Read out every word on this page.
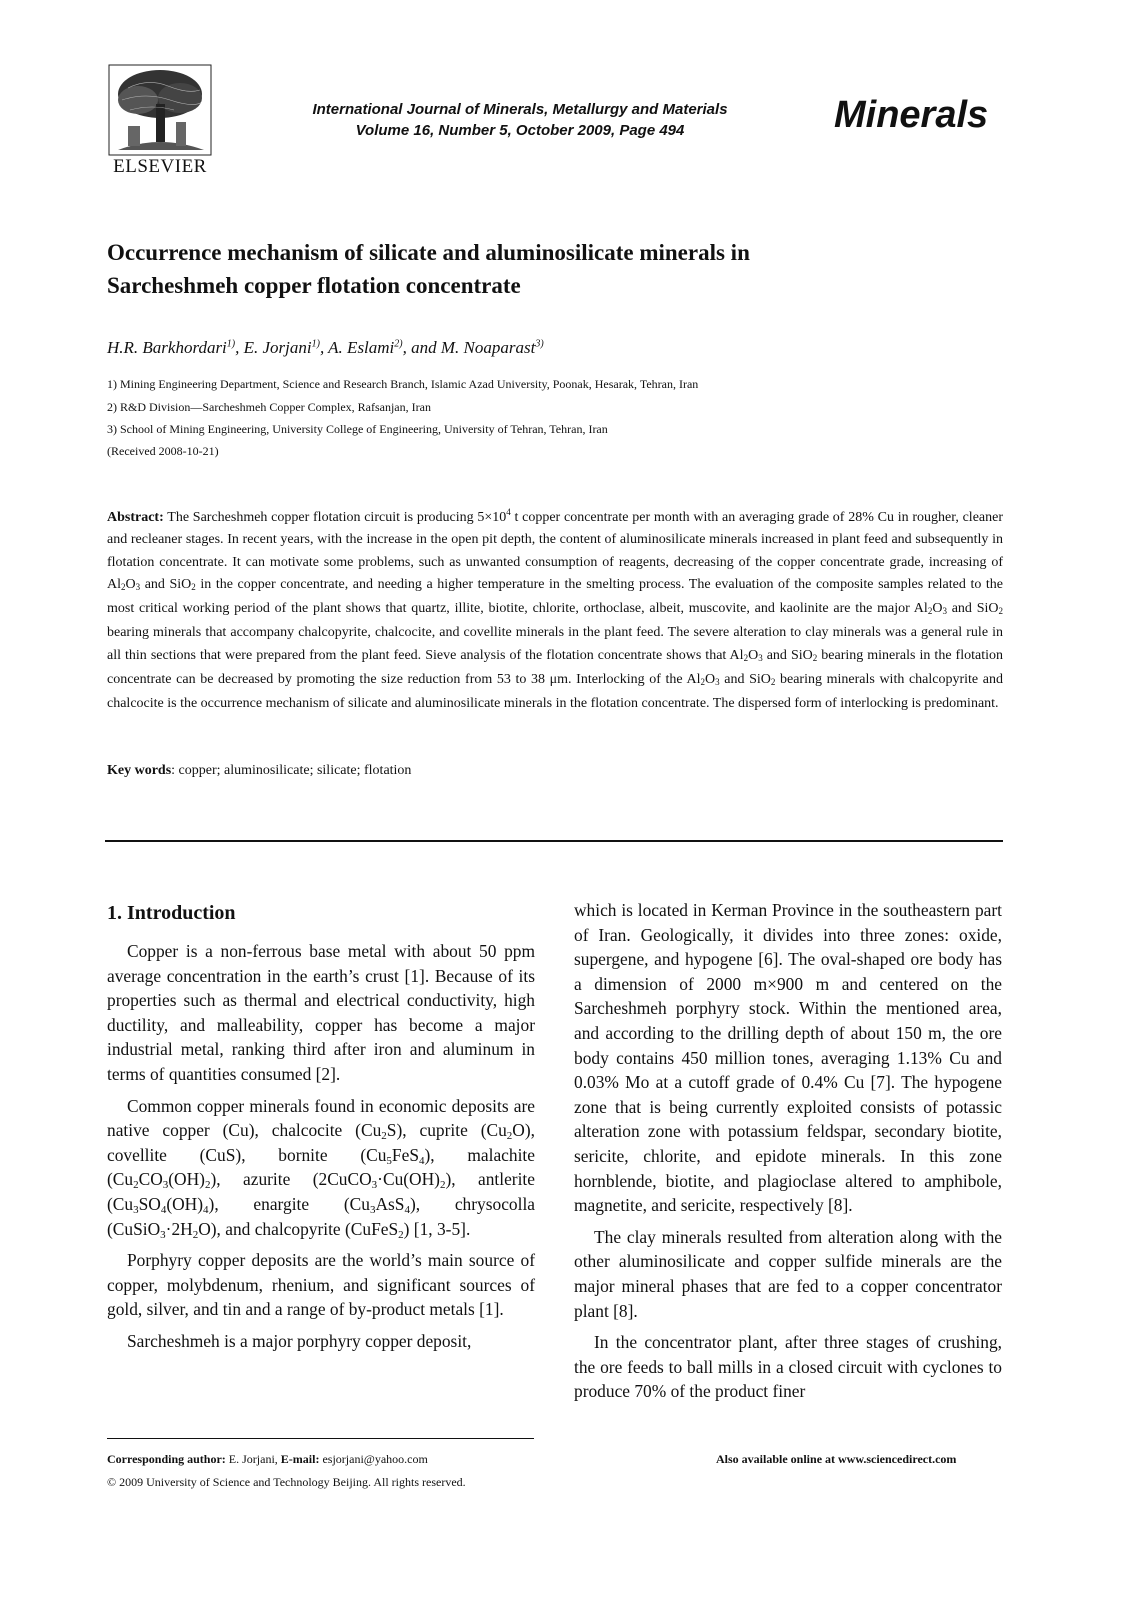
ELSEVIER
International Journal of Minerals, Metallurgy and Materials
Volume 16, Number 5, October 2009, Page 494	Minerals
Occurrence mechanism of silicate and aluminosilicate minerals in
Sarcheshmeh copper flotation concentrate

H.R. Barkhordari$^{1)}$, E. Jorjani$^{1)}$, A. Eslami$^{2)}$, and M. Noaparast$^{3)}$

1) Mining Engineering Department, Science and Research Branch, Islamic Azad University, Poonak, Hesarak, Tehran, Iran

2) R&D Division—Sarcheshmeh Copper Complex, Rafsanjan, Iran

3) School of Mining Engineering, University College of Engineering, University of Tehran, Tehran, Iran

(Received 2008-10-21)

Abstract: The Sarcheshmeh copper flotation circuit is producing $5\times 10^4$ t copper concentrate per month with an averaging grade of 28% Cu in rougher, cleaner and recleaner stages. In recent years, with the increase in the open pit depth, the content of aluminosilicate minerals increased in plant feed and subsequently in flotation concentrate. It can motivate some problems, such as unwanted consumption of reagents, decreasing of the copper concentrate grade, increasing of $Al_2O_3$ and SiO$_2$ in the copper concentrate, and needing a higher temperature in the smelting process. The evaluation of the composite samples related to the most critical working period of the plant shows that quartz, illite, biotite, chlorite, orthoclase, albeit, muscovite, and kaolinite are the major $Al_2O_3$ and SiO$_2$ bearing minerals that accompany chalcopyrite, chalcocite, and covellite minerals in the plant feed. The severe alteration to clay minerals was a general rule in all thin sections that were prepared from the plant feed. Sieve analysis of the flotation concentrate shows that $Al_2O_3$ and SiO$_2$ bearing minerals in the flotation concentrate can be decreased by promoting the size reduction from 53 to 38 μm. Interlocking of the $Al_2O_3$ and SiO$_2$ bearing minerals with chalcopyrite and chalcocite is the occurrence mechanism of silicate and aluminosilicate minerals in the flotation concentrate. The dispersed form of interlocking is predominant.

Key words: copper; aluminosilicate; silicate; flotation

1. Introduction

Copper is a non-ferrous base metal with about 50 ppm average concentration in the earth’s crust [1]. Because of its properties such as thermal and electrical conductivity, high ductility, and malleability, copper has become a major industrial metal, ranking third after iron and aluminum in terms of quantities consumed [2].

Common copper minerals found in economic deposits are native copper (Cu), chalcocite $(Cu_2S)$, cuprite $(Cu_2O)$, covellite (CuS), bornite $(Cu_5FeS_4)$, malachite $(Cu_2CO_3(OH)_2)$, azurite $(2CuCO_3\cdot Cu(OH)_2)$, antlerite $(Cu_3SO_4(OH)_4)$, enargite $(Cu_3AsS_4)$, chrysocolla $(CuSiO_3\cdot 2H_2O)$, and chalcopyrite (CuFeS$_2$) [1, 3-5].

Porphyry copper deposits are the world’s main source of copper, molybdenum, rhenium, and significant sources of gold, silver, and tin and a range of by-product metals [1].

Sarcheshmeh is a major porphyry copper deposit,

which is located in Kerman Province in the southeastern part of Iran. Geologically, it divides into three zones: oxide, supergene, and hypogene [6]. The oval-shaped ore body has a dimension of 2000 m×900 m and centered on the Sarcheshmeh porphyry stock. Within the mentioned area, and according to the drilling depth of about 150 m, the ore body contains 450 million tones, averaging 1.13% Cu and 0.03% Mo at a cutoff grade of 0.4% Cu [7]. The hypogene zone that is being currently exploited consists of potassic alteration zone with potassium feldspar, secondary biotite, sericite, chlorite, and epidote minerals. In this zone hornblende, biotite, and plagioclase altered to amphibole, magnetite, and sericite, respectively [8].

The clay minerals resulted from alteration along with the other aluminosilicate and copper sulfide minerals are the major mineral phases that are fed to a copper concentrator plant [8].

In the concentrator plant, after three stages of crushing, the ore feeds to ball mills in a closed circuit with cyclones to produce 70% of the product finer

Corresponding author: E. Jorjani, E-mail: esjorjani@yahoo.com

© 2009 University of Science and Technology Beijing. All rights reserved.

Also available online at www.sciencedirect.com
